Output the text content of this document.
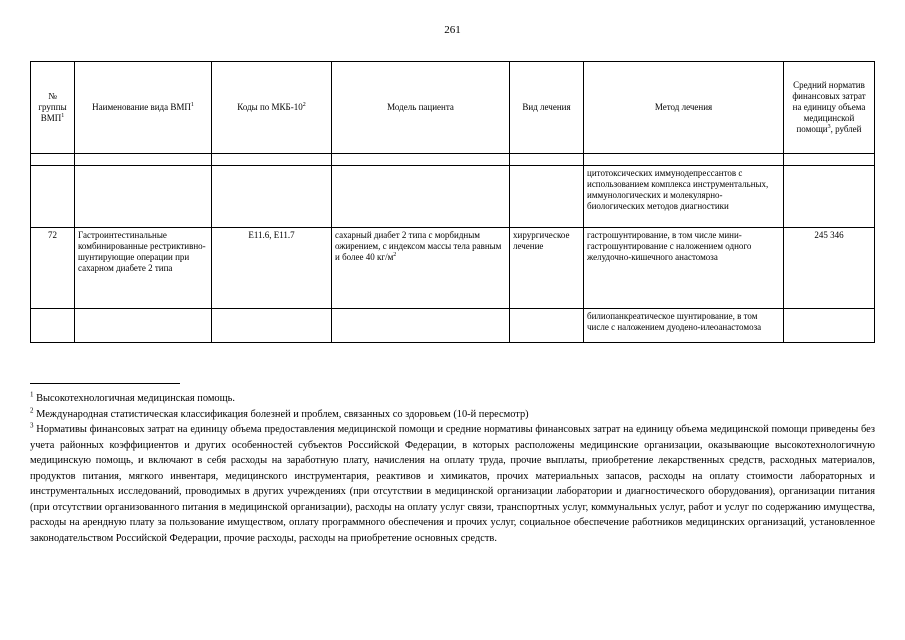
261
№ группы ВМП$^1$	Наименование вида ВМП$^1$	Коды по МКБ-$10^2$	Модель пациента	Вид лечения	Метод лечения	Средний норматив финансовых затрат на единицу объема медицинской помощи$^3$, рублей

					цитотоксических иммунодепрессантов с использованием комплекса инструментальных, иммунологических и молекулярно-биологических методов диагностики	
72	Гастроинтестинальные комбинированные рестриктивно-шунтирующие операции при сахарном диабете 2 типа	E11.6, E11.7	сахарный диабет 2 типа с морбидным ожирением, с индексом массы тела равным и более 40 $кг/м^2$	хирургическое лечение	гастрошунтирование, в том числе мини-гастрошунтирование с наложением одного желудочно-кишечного анастомоза	245 346
					билиопанкреатическое шунтирование, в том числе с наложением дуодено-илеоанастомоза	

$^1$ Высокотехнологичная медицинская помощь.

$^2$ Международная статистическая классификация болезней и проблем, связанных со здоровьем (10-й пересмотр)

$^3$ Нормативы финансовых затрат на единицу объема предоставления медицинской помощи и средние нормативы финансовых затрат на единицу объема медицинской помощи приведены без учета районных коэффициентов и других особенностей субъектов Российской Федерации, в которых расположены медицинские организации, оказывающие высокотехнологичную медицинскую помощь, и включают в себя расходы на заработную плату, начисления на оплату труда, прочие выплаты, приобретение лекарственных средств, расходных материалов, продуктов питания, мягкого инвентаря, медицинского инструментария, реактивов и химикатов, прочих материальных запасов, расходы на оплату стоимости лабораторных и инструментальных исследований, проводимых в других учреждениях (при отсутствии в медицинской организации лаборатории и диагностического оборудования), организации питания (при отсутствии организованного питания в медицинской организации), расходы на оплату услуг связи, транспортных услуг, коммунальных услуг, работ и услуг по содержанию имущества, расходы на арендную плату за пользование имуществом, оплату программного обеспечения и прочих услуг, социальное обеспечение работников медицинских организаций, установленное законодательством Российской Федерации, прочие расходы, расходы на приобретение основных средств.
